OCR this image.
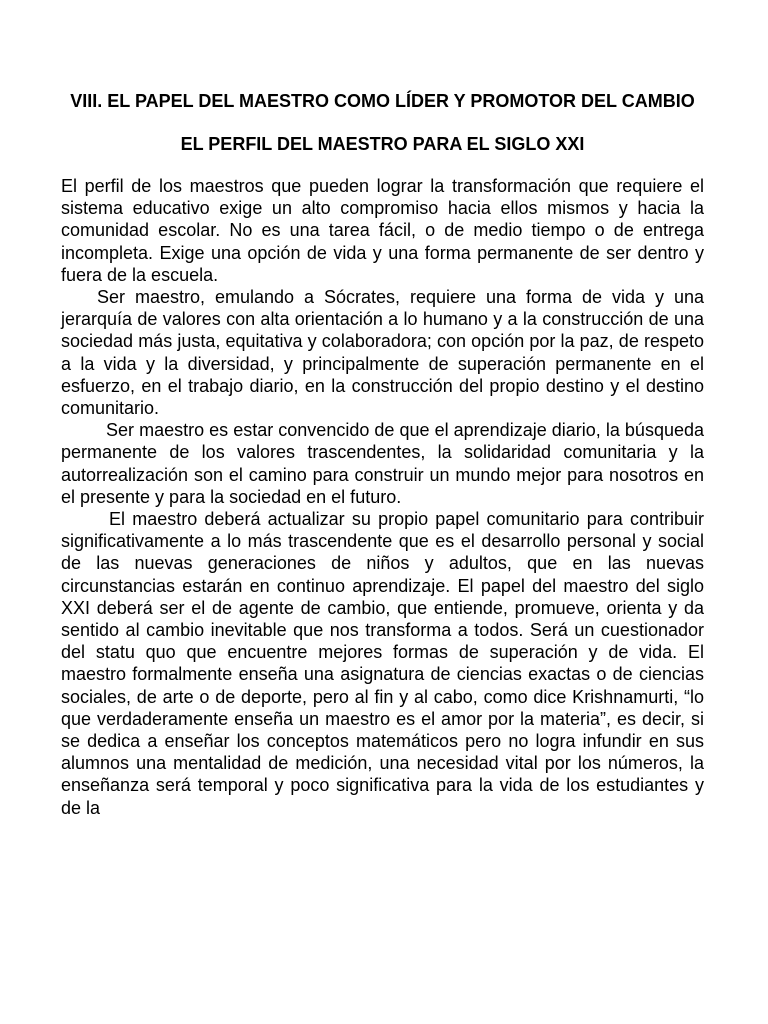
VIII. EL PAPEL DEL MAESTRO COMO LÍDER Y PROMOTOR DEL CAMBIO
EL PERFIL DEL MAESTRO PARA EL SIGLO XXI

El perfil de los maestros que pueden lograr la transformación que requiere el sistema educativo exige un alto compromiso hacia ellos mismos y hacia la comunidad escolar. No es una tarea fácil, o de medio tiempo o de entrega incompleta. Exige una opción de vida y una forma permanente de ser dentro y fuera de la escuela.

Ser maestro, emulando a Sócrates, requiere una forma de vida y una jerarquía de valores con alta orientación a lo humano y a la construcción de una sociedad más justa, equitativa y colaboradora; con opción por la paz, de respeto a la vida y la diversidad, y principalmente de superación permanente en el esfuerzo, en el trabajo diario, en la construcción del propio destino y el destino comunitario.

Ser maestro es estar convencido de que el aprendizaje diario, la búsqueda permanente de los valores trascendentes, la solidaridad comunitaria y la autorrealización son el camino para construir un mundo mejor para nosotros en el presente y para la sociedad en el futuro.

El maestro deberá actualizar su propio papel comunitario para contribuir significativamente a lo más trascendente que es el desarrollo personal y social de las nuevas generaciones de niños y adultos, que en las nuevas circunstancias estarán en continuo aprendizaje. El papel del maestro del siglo XXI deberá ser el de agente de cambio, que entiende, promueve, orienta y da sentido al cambio inevitable que nos transforma a todos. Será un cuestionador del statu quo que encuentre mejores formas de superación y de vida. El maestro formalmente enseña una asignatura de ciencias exactas o de ciencias sociales, de arte o de deporte, pero al fin y al cabo, como dice Krishnamurti, “lo que verdaderamente enseña un maestro es el amor por la materia”, es decir, si se dedica a enseñar los conceptos matemáticos pero no logra infundir en sus alumnos una mentalidad de medición, una necesidad vital por los números, la enseñanza será temporal y poco significativa para la vida de los estudiantes y de la
